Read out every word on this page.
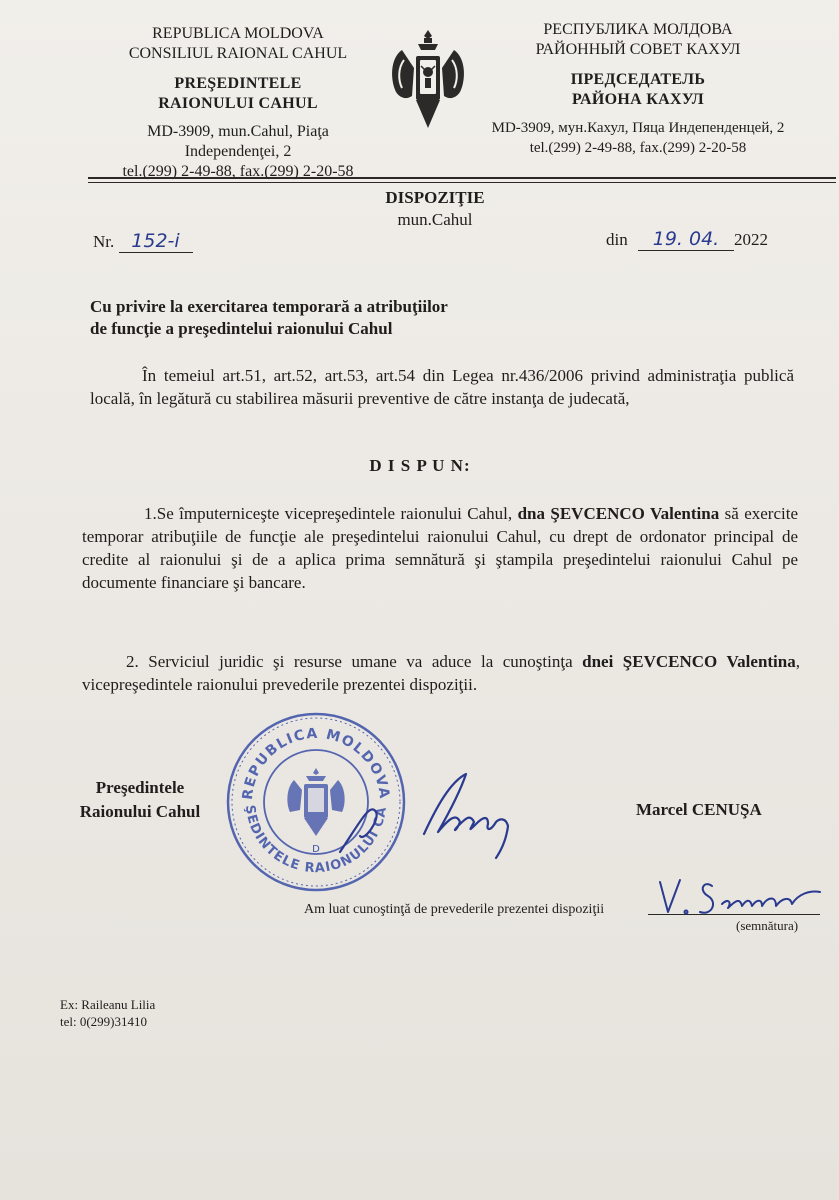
REPUBLICA MOLDOVA
CONSILIUL RAIONAL CAHUL
PREŞEDINTELE
RAIONULUI CAHUL
MD-3909, mun.Cahul, Piaţa
Independenţei, 2
tel.(299) 2-49-88, fax.(299) 2-20-58
РЕСПУБЛИКА МОЛДОВА
РАЙОННЫЙ СОВЕТ КАХУЛ
ПРЕДСЕДАТЕЛЬ
РАЙОНА КАХУЛ
MD-3909, мун.Кахул, Пяца Индепенденцей, 2
tel.(299) 2-49-88, fax.(299) 2-20-58
DISPOZIŢIE
mun.Cahul
Nr. 152-i	din 19. 04. 2022
Cu privire la exercitarea temporară a atribuţiilor
de funcţie a preşedintelui raionului Cahul
În temeiul art.51, art.52, art.53, art.54 din Legea nr.436/2006 privind administraţia publică locală, în legătură cu stabilirea măsurii preventive de către instanţa de judecată,
D I S P U N:
1.Se împuterniceşte vicepreşedintele raionului Cahul, dna ŞEVCENCO Valentina să exercite temporar atribuţiile de funcţie ale preşedintelui raionului Cahul, cu drept de ordonator principal de credite al raionului şi de a aplica prima semnătură şi ştampila preşedintelui raionului Cahul pe documente financiare şi bancare.
2. Serviciul juridic şi resurse umane va aduce la cunoştinţa dnei ŞEVCENCO Valentina, vicepreşedintele raionului prevederile prezentei dispoziţii.
Preşedintele
Raionului Cahul
REPUBLICA MOLDOVA
ŞEDINTELE RAIONULUI CA
D
Marcel CENUŞA
Am luat cunoştinţă de prevederile prezentei dispoziţii
(semnătura)
Ex: Raileanu Lilia
tel: 0(299)31410
